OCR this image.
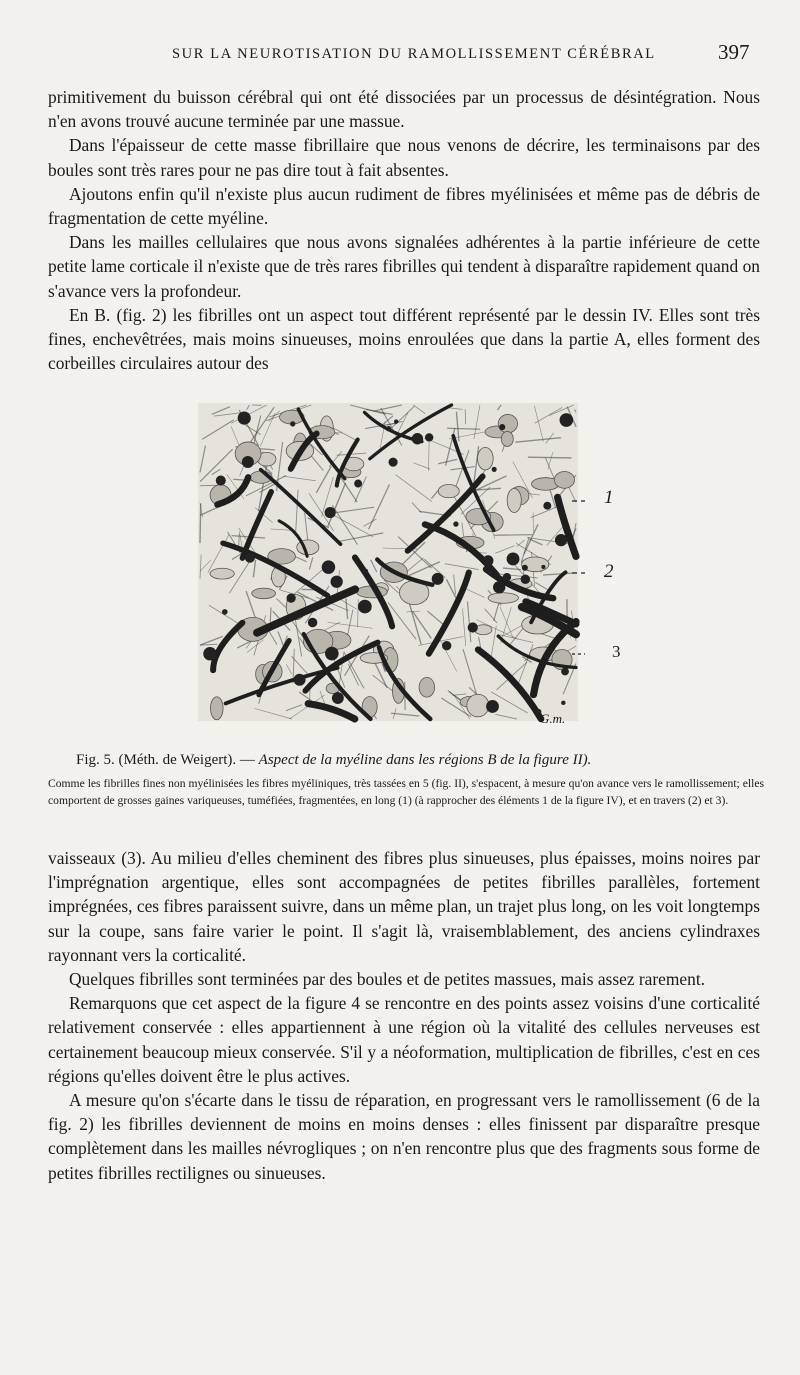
SUR LA NEUROTISATION DU RAMOLLISSEMENT CÉRÉBRAL	397

primitivement du buisson cérébral qui ont été dissociées par un processus de désintégration. Nous n'en avons trouvé aucune terminée par une massue.

Dans l'épaisseur de cette masse fibrillaire que nous venons de décrire, les terminaisons par des boules sont très rares pour ne pas dire tout à fait absentes.

Ajoutons enfin qu'il n'existe plus aucun rudiment de fibres myélinisées et même pas de débris de fragmentation de cette myéline.

Dans les mailles cellulaires que nous avons signalées adhérentes à la partie inférieure de cette petite lame corticale il n'existe que de très rares fibrilles qui tendent à disparaître rapidement quand on s'avance vers la profondeur.

En B. (fig. 2) les fibrilles ont un aspect tout différent représenté par le dessin IV. Elles sont très fines, enchevêtrées, mais moins sinueuses, moins enroulées que dans la partie A, elles forment des corbeilles circulaires autour des

1
2
3
G.m.
Fig. 5. (Méth. de Weigert). — Aspect de la myéline dans les régions B de la figure II).
Comme les fibrilles fines non myélinisées les fibres myéliniques, très tassées en 5 (fig. II), s'espacent, à mesure qu'on avance vers le ramollissement; elles comportent de grosses gaines variqueuses, tuméfiées, fragmentées, en long (1) (à rapprocher des éléments 1 de la figure IV), et en travers (2) et 3).

vaisseaux (3). Au milieu d'elles cheminent des fibres plus sinueuses, plus épaisses, moins noires par l'imprégnation argentique, elles sont accompagnées de petites fibrilles parallèles, fortement imprégnées, ces fibres paraissent suivre, dans un même plan, un trajet plus long, on les voit longtemps sur la coupe, sans faire varier le point. Il s'agit là, vraisemblablement, des anciens cylindraxes rayonnant vers la corticalité.

Quelques fibrilles sont terminées par des boules et de petites massues, mais assez rarement.

Remarquons que cet aspect de la figure 4 se rencontre en des points assez voisins d'une corticalité relativement conservée : elles appartiennent à une région où la vitalité des cellules nerveuses est certainement beaucoup mieux conservée. S'il y a néoformation, multiplication de fibrilles, c'est en ces régions qu'elles doivent être le plus actives.

A mesure qu'on s'écarte dans le tissu de réparation, en progressant vers le ramollissement (6 de la fig. 2) les fibrilles deviennent de moins en moins denses : elles finissent par disparaître presque complètement dans les mailles névrogliques ; on n'en rencontre plus que des fragments sous forme de petites fibrilles rectilignes ou sinueuses.
